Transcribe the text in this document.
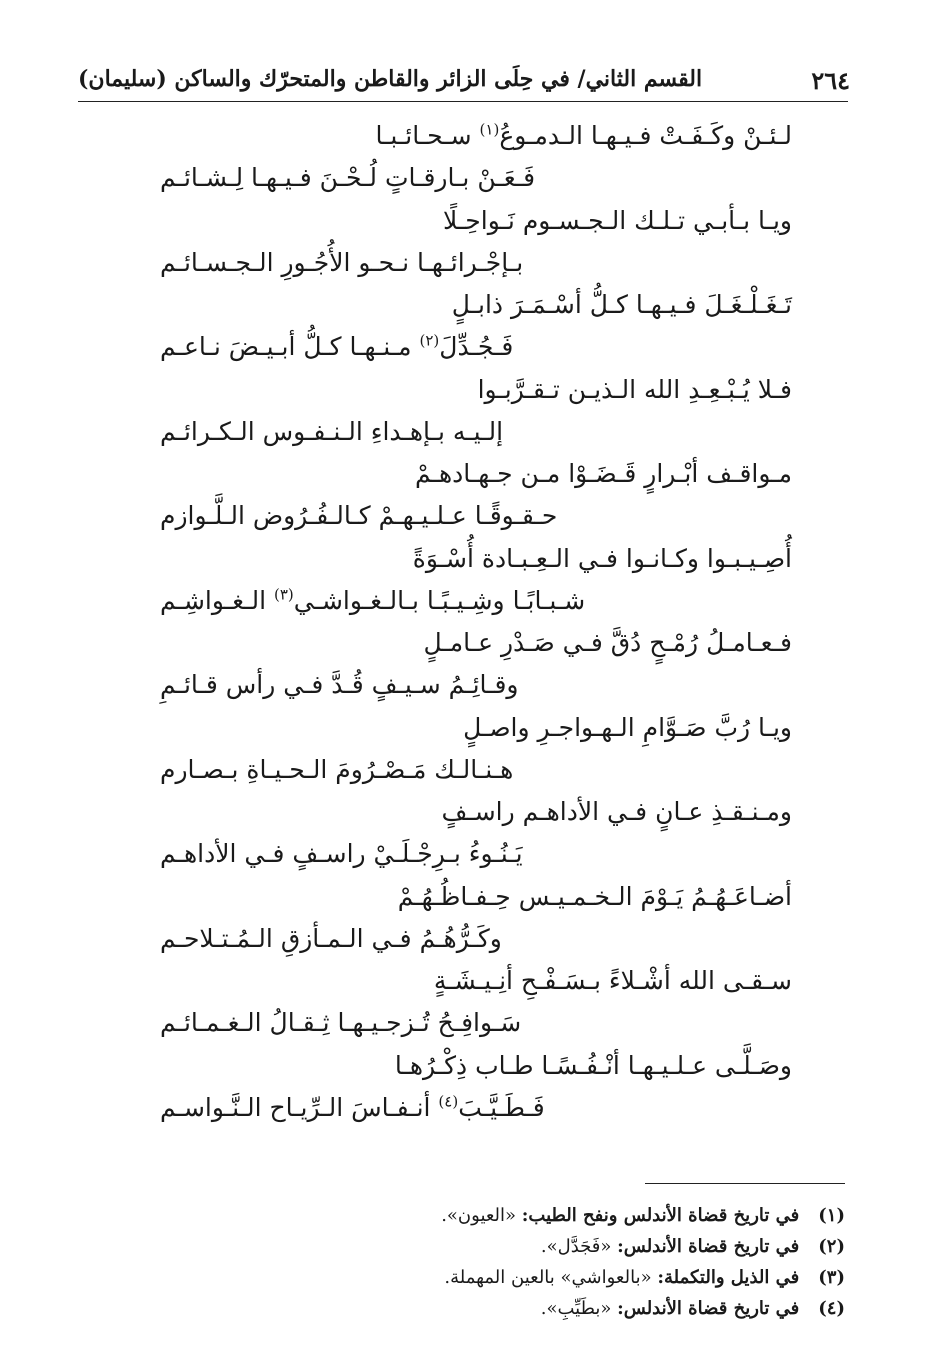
٢٦٤
القسم الثاني/ في حِلَى الزائر والقاطن والمتحرّك والساكن (سليمان)
لـئـنْ وكَـفَـتْ فـيـهـا الـدمـوعُ$^{(١)}$ سـحـائـبـا
فَـعَـنْ بـارقـاتٍ لُـحْـنَ فـيـهـا لِـشـائـم
ويـا بـأبـي تـلـك الـجـسـوم نَـواحِـلًا
بـإجْـرائـهـا نـحـو الأُجُـورِ الـجـسـائـم
تَـغَـلْـغَـلَ فـيـهـا كـلُّ أسْـمَـرَ ذابـلٍ
فَـجُـدِّلَ$^{(٢)}$ مـنـهـا كـلُّ أبـيـضَ نـاعـم
فـلا يُـبْـعِـدِ الله الـذيـن تـقـرَّبـوا
إلـيـه بـإهـداءِ الـنـفـوس الـكـرائـم
مـواقـف أبْـرارٍ قَـضَـوْا مـن جـهـادهـمْ
حـقـوقًـا عـلـيـهـمْ كـالـفُـرُوض الـلَّـوازم
أُصِـيـبـوا وكـانـوا فـي الـعِـبـادة أُسْـوَةً
شـبـابًـا وشِـيـبًـا بـالـغـواشـي$^{(٣)}$ الـغـواشِـم
فـعـامـلُ رُمْـحٍ دُقَّ فـي صَـدْرِ عـامـلٍ
وقـائِـمُ سـيـفٍ قُـدَّ فـي رأس قـائـمِ
ويـا رُبَّ صَـوَّامِ الـهـواجـرِ واصـلٍ
هـنـالـك مَـصْـرُومَ الـحـيـاةِ بـصـارم
ومـنـقـذِ عـانٍ فـي الأداهـم راسـفٍ
يَـنُـوءُ بـرِجْـلَـيْ راسـفٍ فـي الأداهـم
أضـاعَـهُـمُ يَـوْمَ الـخـمـيـس حِـفـاظُـهُـمْ
وكَـرُّهُـمُ فـي الـمـأزقِ الـمُـتـلاحـم
سـقـى الله أشْـلاءً بـسَـفْـحِ أنِـيـشَـةٍ
سَـوافِـحُ تُـزجـيـهـا ثِـقـالُ الـغـمـائـم
وصَـلَّـى عـلـيـهـا أنْـفُـسًـا طـاب ذِكْـرُهـا
فَـطَـيَّـبَ$^{(٤)}$ أنـفـاسَ الـرِّيـاح الـنَّـواسـم
(١) في تاريخ قضاة الأندلس ونفح الطيب: «العيون».
(٢) في تاريخ قضاة الأندلس: «فَجَدَّل».
(٣) في الذيل والتكملة: «بالعواشي» بالعين المهملة.
(٤) في تاريخ قضاة الأندلس: «بطَيِّبِ».
